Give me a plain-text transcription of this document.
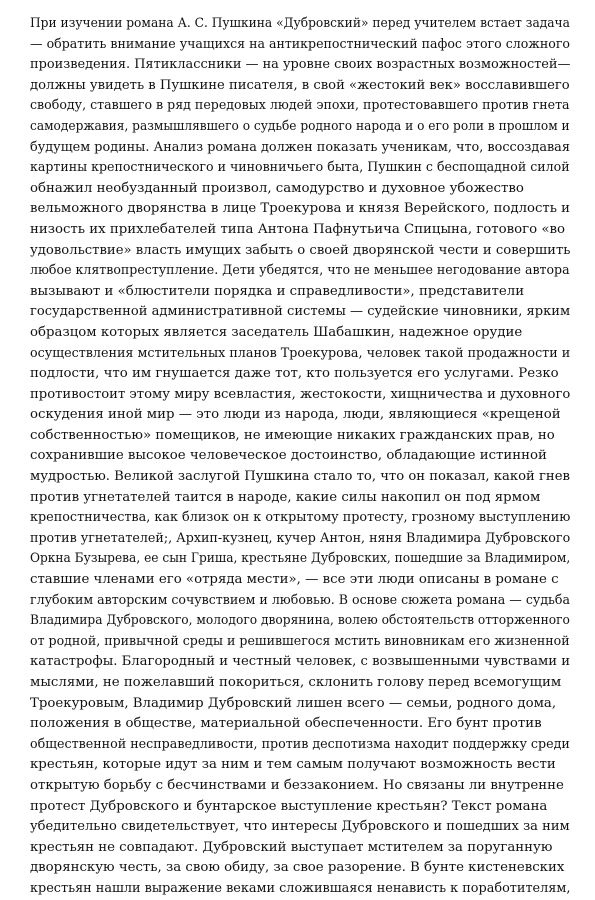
При изучении романа А. С. Пушкина «Дубровский» перед учителем встает задача
— обратить внимание учащихся на антикрепостнический пафос этого сложного
произведения. Пятиклассники — на уровне своих возрастных возможностей—
должны увидеть в Пушкине писателя, в свой «жестокий век» восславившего
свободу, ставшего в ряд передовых людей эпохи, протестовавшего против гнета
самодержавия, размышлявшего о судьбе родного народа и о его роли в прошлом и
будущем родины. Анализ романа должен показать ученикам, что, воссоздавая
картины крепостнического и чиновничьего быта, Пушкин с беспощадной силой
обнажил необузданный произвол, самодурство и духовное убожество
вельможного дворянства в лице Троекурова и князя Верейского, подлость и
низость их прихлебателей типа Антона Пафнутьича Спицына, готового «во
удовольствие» власть имущих забыть о своей дворянской чести и совершить
любое клятвопреступление. Дети убедятся, что не меньшее негодование автора
вызывают и «блюстители порядка и справедливости», представители
государственной административной системы — судейские чиновники, ярким
образцом которых является заседатель Шабашкин, надежное орудие
осуществления мстительных планов Троекурова, человек такой продажности и
подлости, что им гнушается даже тот, кто пользуется его услугами. Резко
противостоит этому миру всевластия, жестокости, хищничества и духовного
оскудения иной мир — это люди из народа, люди, являющиеся «крещеной
собственностью» помещиков, не имеющие никаких гражданских прав, но
сохранившие высокое человеческое достоинство, обладающие истинной
мудростью. Великой заслугой Пушкина стало то, что он показал, какой гнев
против угнетателей таится в народе, какие силы накопил он под ярмом
крепостничества, как близок он к открытому протесту, грозному выступлению
против угнетателей;, Архип-кузнец, кучер Антон, няня Владимира Дубровского
Оркна Бузырева, ее сын Гриша, крестьяне Дубровских, пошедшие за Владимиром,
ставшие членами его «отряда мести», — все эти люди описаны в романе с
глубоким авторским сочувствием и любовью. В основе сюжета романа — судьба
Владимира Дубровского, молодого дворянина, волею обстоятельств отторженного
от родной, привычной среды и решившегося мстить виновникам его жизненной
катастрофы. Благородный и честный человек, с возвышенными чувствами и
мыслями, не пожелавший покориться, склонить голову перед всемогущим
Троекуровым, Владимир Дубровский лишен всего — семьи, родного дома,
положения в обществе, материальной обеспеченности. Его бунт против
общественной несправедливости, против деспотизма находит поддержку среди
крестьян, которые идут за ним и тем самым получают возможность вести
открытую борьбу с бесчинствами и беззаконием. Но связаны ли внутренне
протест Дубровского и бунтарское выступление крестьян? Текст романа
убедительно свидетельствует, что интересы Дубровского и пошедших за ним
крестьян не совпадают. Дубровский выступает мстителем за поруганную
дворянскую честь, за свою обиду, за свое разорение. В бунте кистеневских
крестьян нашли выражение веками сложившаяся ненависть к поработителям,
